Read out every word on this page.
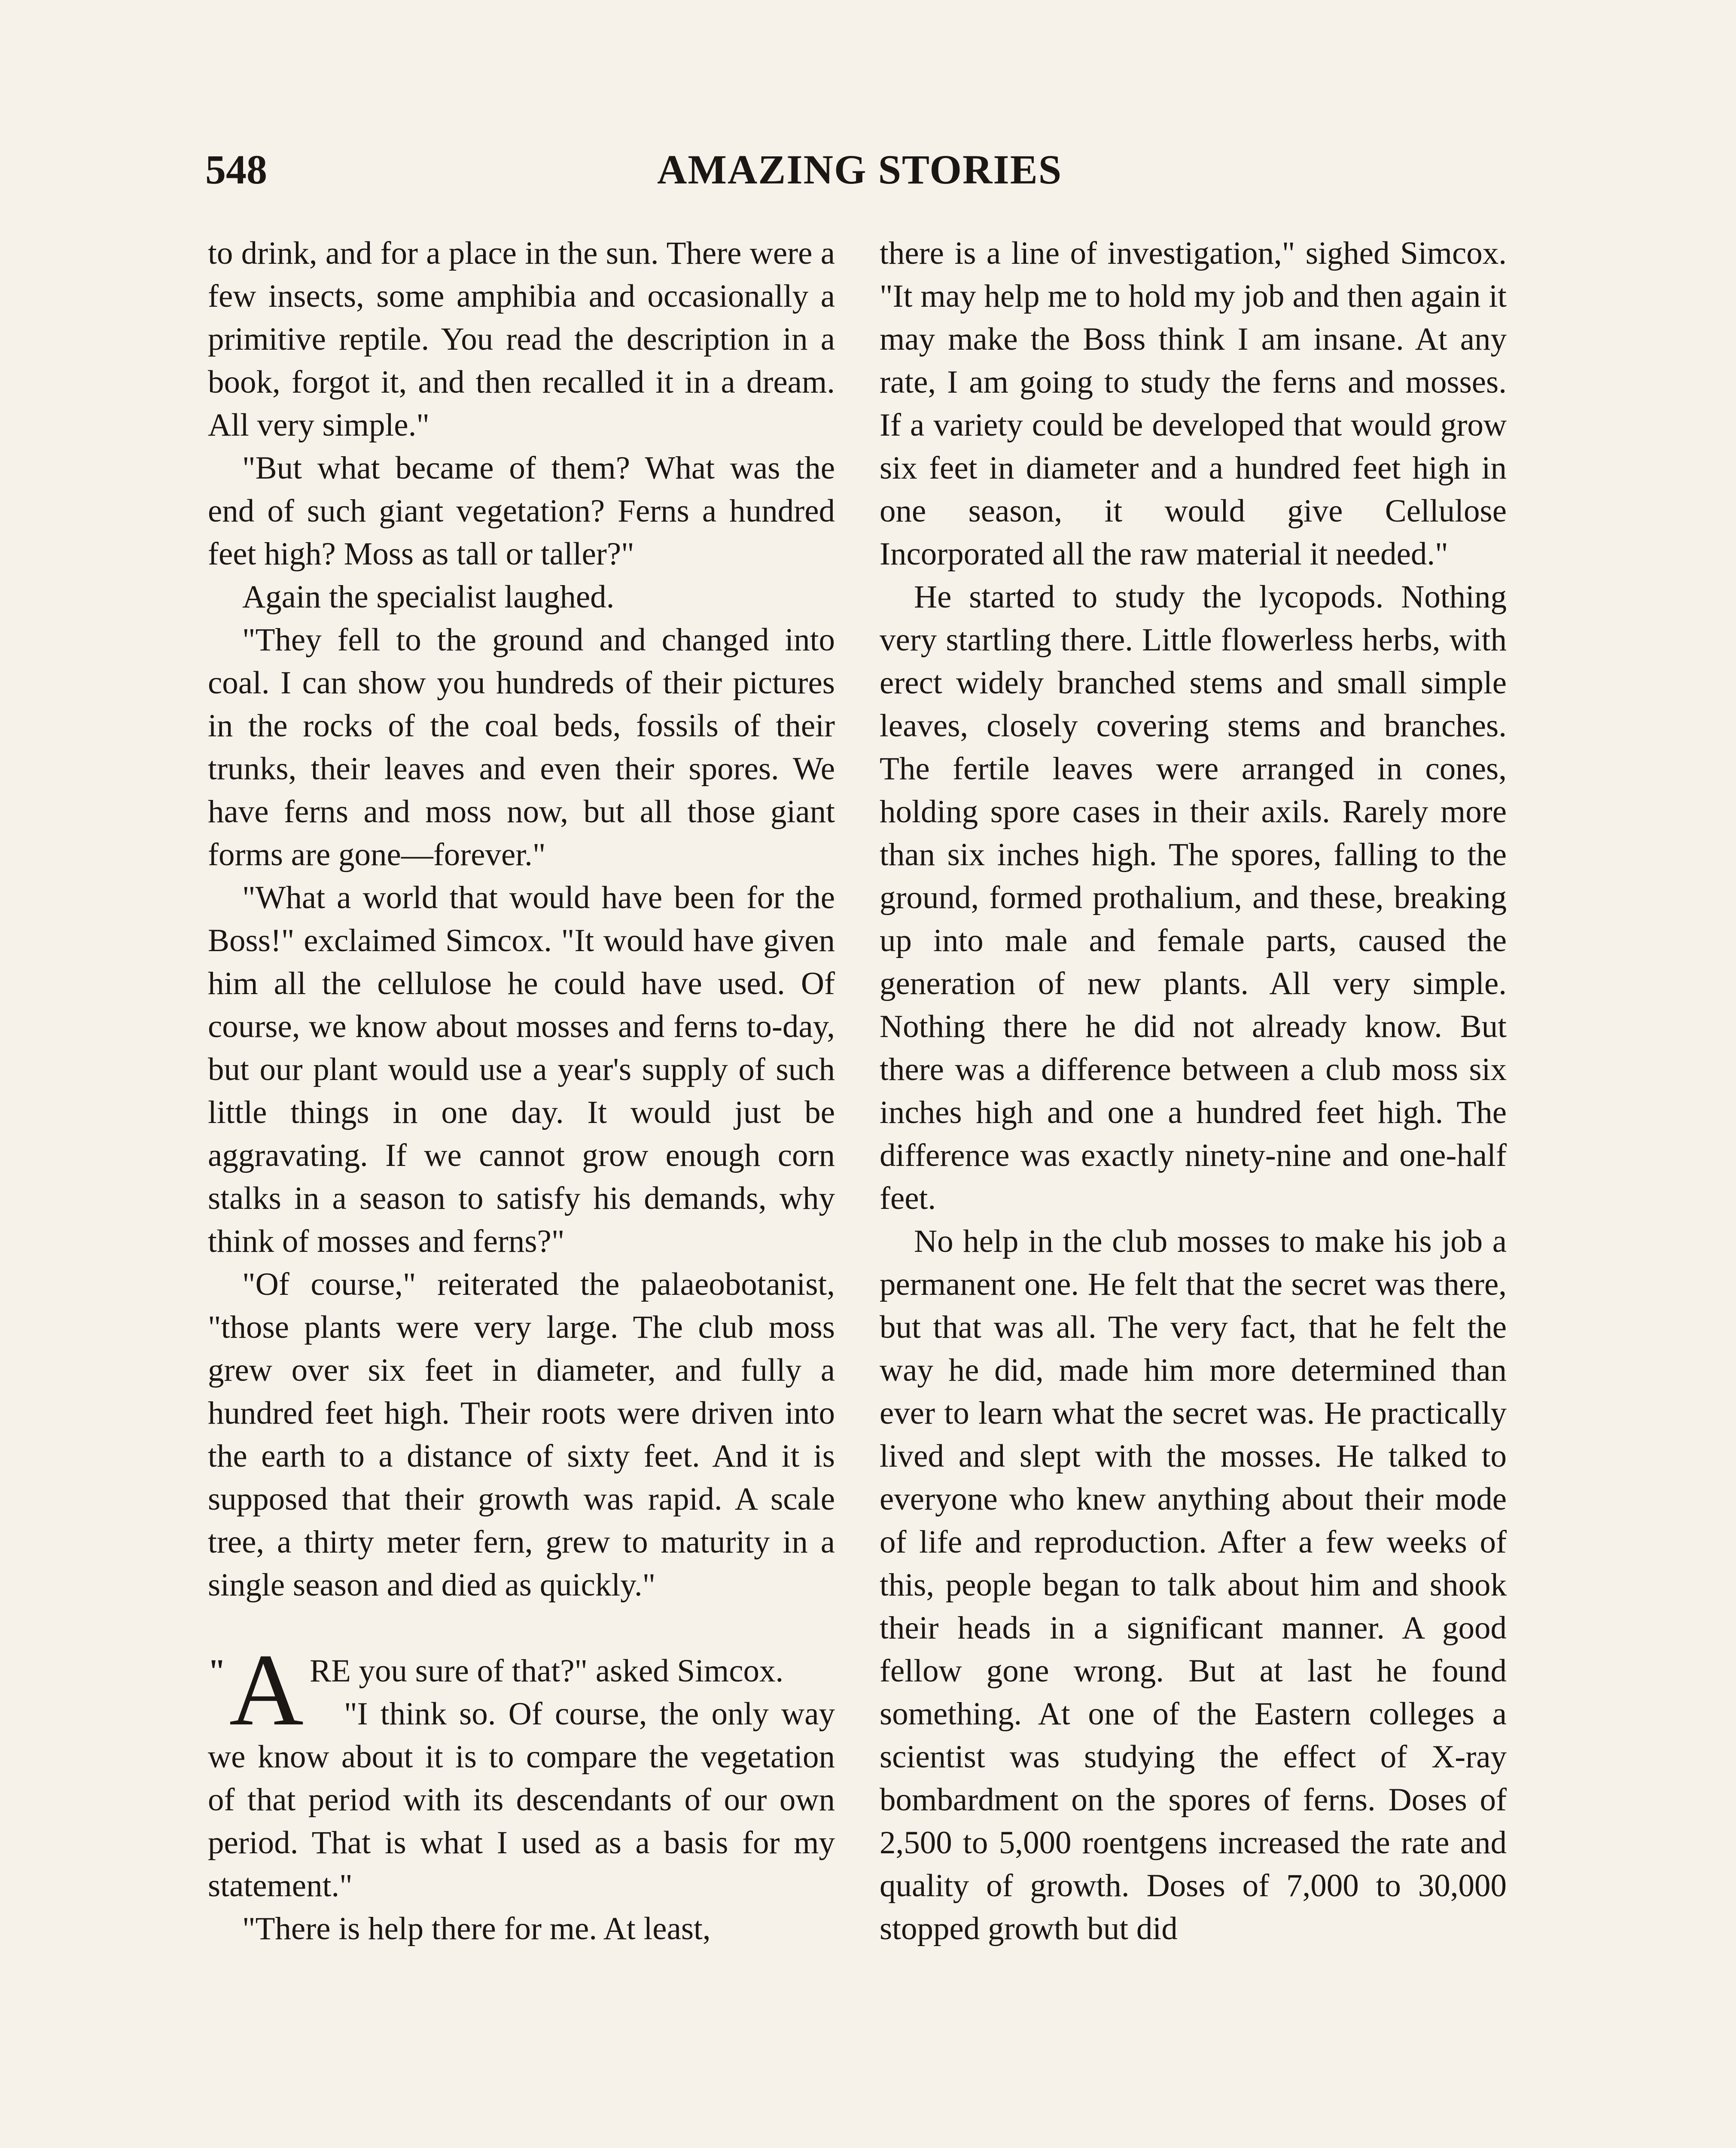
548	AMAZING STORIES

to drink, and for a place in the sun. There were a few insects, some amphibia and occasionally a primitive reptile. You read the description in a book, forgot it, and then recalled it in a dream. All very simple."

"But what became of them? What was the end of such giant vegetation? Ferns a hundred feet high? Moss as tall or taller?"

Again the specialist laughed.

"They fell to the ground and changed into coal. I can show you hundreds of their pictures in the rocks of the coal beds, fossils of their trunks, their leaves and even their spores. We have ferns and moss now, but all those giant forms are gone—forever."

"What a world that would have been for the Boss!" exclaimed Simcox. "It would have given him all the cellulose he could have used. Of course, we know about mosses and ferns to-day, but our plant would use a year's supply of such little things in one day. It would just be aggravating. If we cannot grow enough corn stalks in a season to satisfy his demands, why think of mosses and ferns?"

"Of course," reiterated the palaeobotanist, "those plants were very large. The club moss grew over six feet in diameter, and fully a hundred feet high. Their roots were driven into the earth to a distance of sixty feet. And it is supposed that their growth was rapid. A scale tree, a thirty meter fern, grew to maturity in a single season and died as quickly."

" A RE you sure of that?" asked Simcox.

"I think so. Of course, the only way we know about it is to compare the vegetation of that period with its descendants of our own period. That is what I used as a basis for my statement."

"There is help there for me. At least,

there is a line of investigation," sighed Simcox. "It may help me to hold my job and then again it may make the Boss think I am insane. At any rate, I am going to study the ferns and mosses. If a variety could be developed that would grow six feet in diameter and a hundred feet high in one season, it would give Cellulose Incorporated all the raw material it needed."

He started to study the lycopods. Nothing very startling there. Little flowerless herbs, with erect widely branched stems and small simple leaves, closely covering stems and branches. The fertile leaves were arranged in cones, holding spore cases in their axils. Rarely more than six inches high. The spores, falling to the ground, formed prothalium, and these, breaking up into male and female parts, caused the generation of new plants. All very simple. Nothing there he did not already know. But there was a difference between a club moss six inches high and one a hundred feet high. The difference was exactly ninety-nine and one-half feet.

No help in the club mosses to make his job a permanent one. He felt that the secret was there, but that was all. The very fact, that he felt the way he did, made him more determined than ever to learn what the secret was. He practically lived and slept with the mosses. He talked to everyone who knew anything about their mode of life and reproduction. After a few weeks of this, people began to talk about him and shook their heads in a significant manner. A good fellow gone wrong. But at last he found something. At one of the Eastern colleges a scientist was studying the effect of X-ray bombardment on the spores of ferns. Doses of 2,500 to 5,000 roentgens increased the rate and quality of growth. Doses of 7,000 to 30,000 stopped growth but did
